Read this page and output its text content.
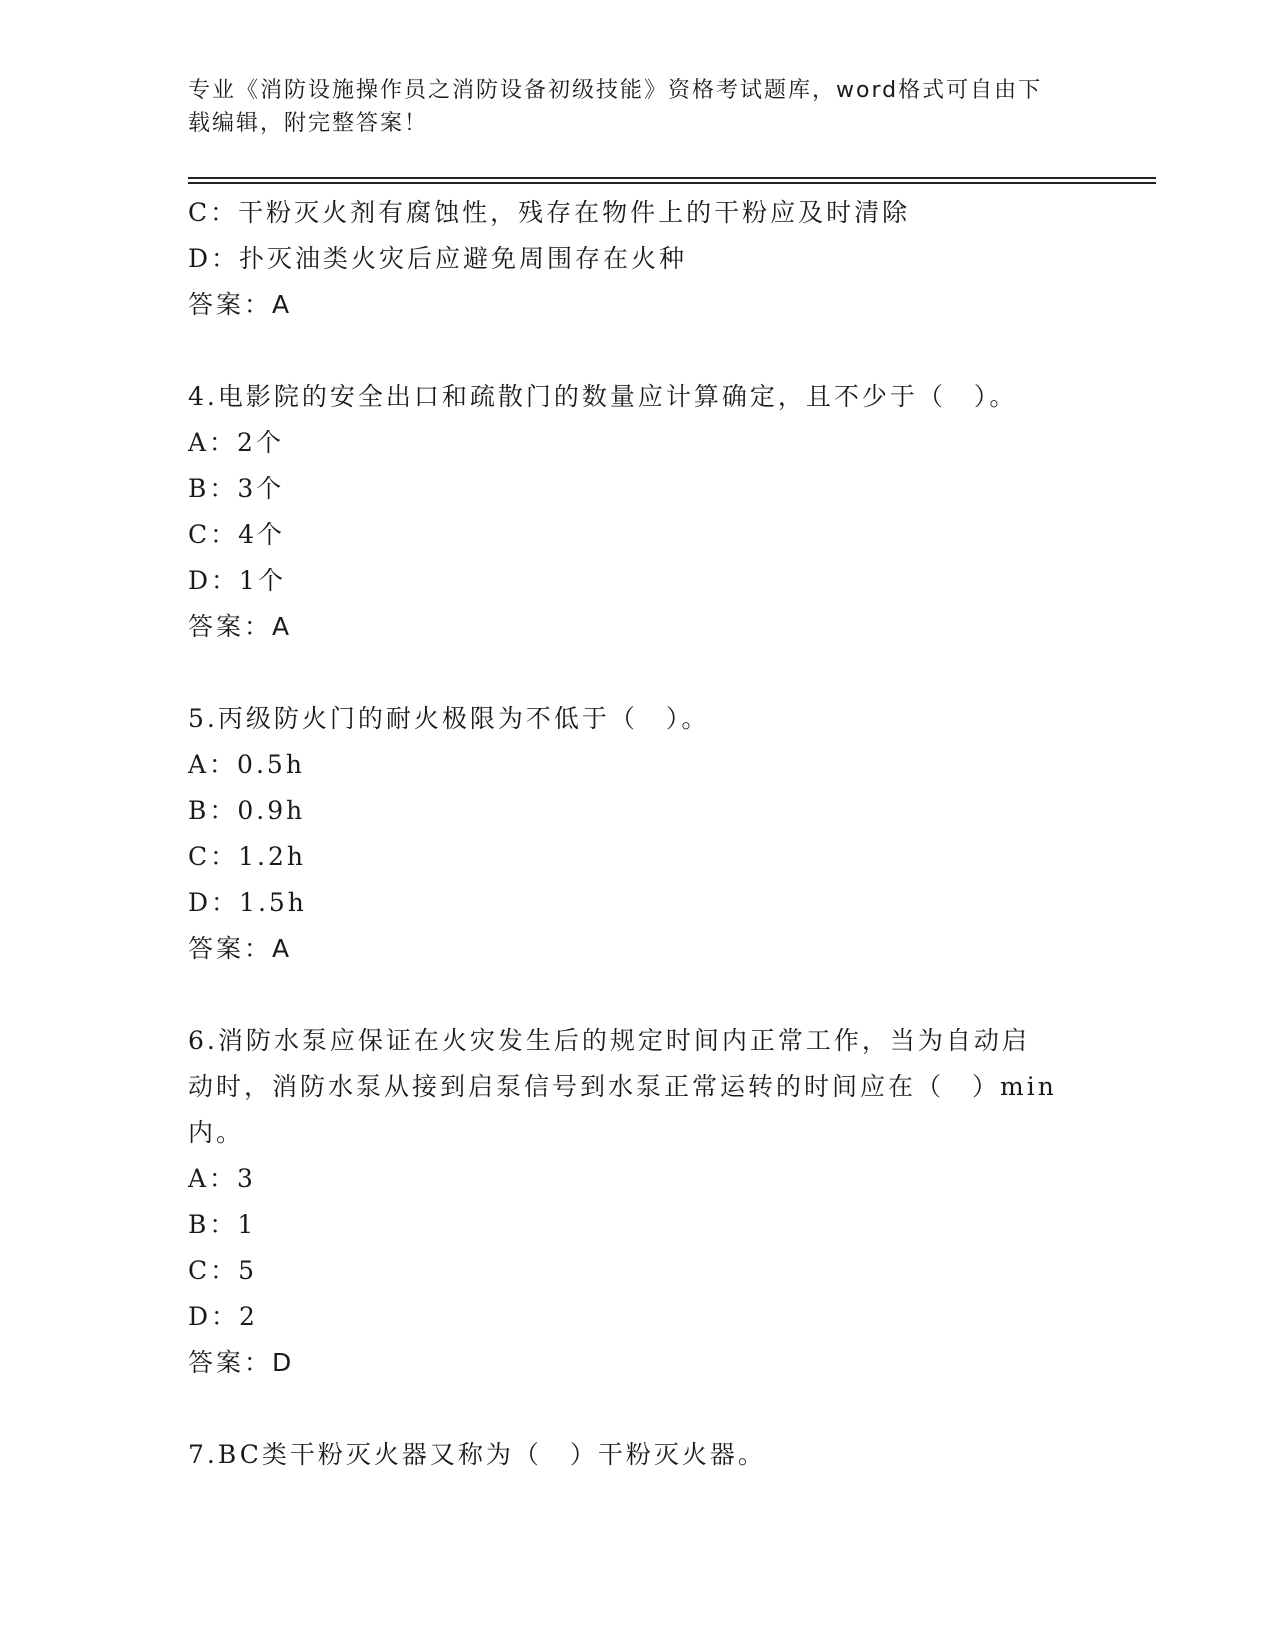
专业《消防设施操作员之消防设备初级技能》资格考试题库，word格式可自由下
载编辑，附完整答案！
C：干粉灭火剂有腐蚀性，残存在物件上的干粉应及时清除
D：扑灭油类火灾后应避免周围存在火种
答案：A
4.电影院的安全出口和疏散门的数量应计算确定，且不少于（　）。
A：2个
B：3个
C：4个
D：1个
答案：A
5.丙级防火门的耐火极限为不低于（　）。
A：0.5h
B：0.9h
C：1.2h
D：1.5h
答案：A
6.消防水泵应保证在火灾发生后的规定时间内正常工作，当为自动启
动时，消防水泵从接到启泵信号到水泵正常运转的时间应在（　）min
内。
A：3
B：1
C：5
D：2
答案：D
7.BC类干粉灭火器又称为（　）干粉灭火器。
